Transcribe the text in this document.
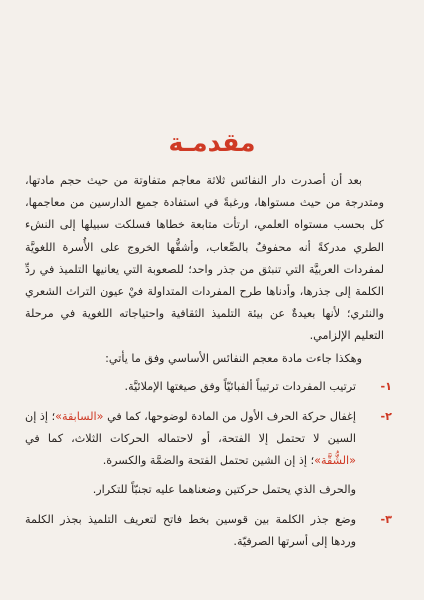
مقدمـة

بعد أن أصدرت دار النفائس ثلاثة معاجم متفاوتة من حيث حجم مادتها، ومتدرجة من حيث مستواها، ورغبةً في استفادة جميع الدارسين من معاجمها، كل بحسب مستواه العلمي، ارتأت متابعة خطاها فسلكت سبيلها إلى النشء الطري مدركةً أنه محفوفٌ بالصِّعاب، وأشقُّها الخروج على الأُسرة اللغويَّة لمفردات العربيَّة التي تنبثق من جذر واحد؛ للصعوبة التي يعانيها التلميذ في ردِّ الكلمة إلى جذرها، وأدناها طرح المفردات المتداولة فيْ عيون التراث الشعري والنثري؛ لأنها بعيدةٌ عن بيئة التلميذ الثقافية واحتياجاته اللغوية في مرحلة التعليم الإلزامي.

وهكذا جاءت مادة معجم النفائس الأساسي وفق ما يأتي:

١-

ترتيب المفردات ترتيباً ألفبائيّاً وفق صيغتها الإملائيَّة.

٢-

إغفال حركة الحرف الأول من المادة لوضوحها، كما في «السابقة»؛ إذ إن السين لا تحتمل إلا الفتحة، أو لاحتماله الحركات الثلاث، كما في «الشُّقَّة»؛ إذ إن الشين تحتمل الفتحة والضمَّة والكسرة.

والحرف الذي يحتمل حركتين وضعناهما عليه تجنبّاً للتكرار.

٣-

وضع جذر الكلمة بين قوسين بخط فاتح لتعريف التلميذ بجذر الكلمة وردها إلى أسرتها الصرفيّة.
